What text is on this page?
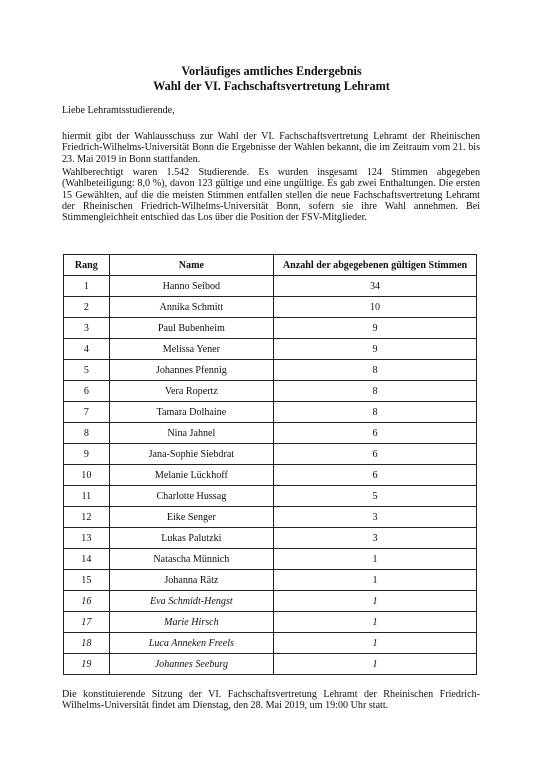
Vorläufiges amtliches Endergebnis
Wahl der VI. Fachschaftsvertretung Lehramt
Liebe Lehramtsstudierende,
hiermit gibt der Wahlausschuss zur Wahl der VI. Fachschaftsvertretung Lehramt der Rheinischen Friedrich-Wilhelms-Universität Bonn die Ergebnisse der Wahlen bekannt, die im Zeitraum vom 21. bis 23. Mai 2019 in Bonn stattfanden.
Wahlberechtigt waren 1.542 Studierende. Es wurden insgesamt 124 Stimmen abgegeben (Wahlbeteiligung: 8,0 %), davon 123 gültige und eine ungültige. Es gab zwei Enthaltungen. Die ersten 15 Gewählten, auf die die meisten Stimmen entfallen stellen die neue Fachschaftsvertretung Lehramt der Rheinischen Friedrich-Wilhelms-Universität Bonn, sofern sie ihre Wahl annehmen. Bei Stimmengleichheit entschied das Los über die Position der FSV-Mitglieder.
Rang	Name	Anzahl der abgegebenen gültigen Stimmen
1	Hanno Seibod	34
2	Annika Schmitt	10
3	Paul Bubenheim	9
4	Melissa Yener	9
5	Johannes Pfennig	8
6	Vera Ropertz	8
7	Tamara Dolhaine	8
8	Nina Jahnel	6
9	Jana-Sophie Siebdrat	6
10	Melanie Lückhoff	6
11	Charlotte Hussag	5
12	Eike Senger	3
13	Lukas Palutzki	3
14	Natascha Münnich	1
15	Johanna Rätz	1
16	Eva Schmidt-Hengst	1
17	Marie Hirsch	1
18	Luca Anneken Freels	1
19	Johannes Seeburg	1
Die konstituierende Sitzung der VI. Fachschaftsvertretung Lehramt der Rheinischen Friedrich-Wilhelms-Universität findet am Dienstag, den 28. Mai 2019, um 19:00 Uhr statt.
